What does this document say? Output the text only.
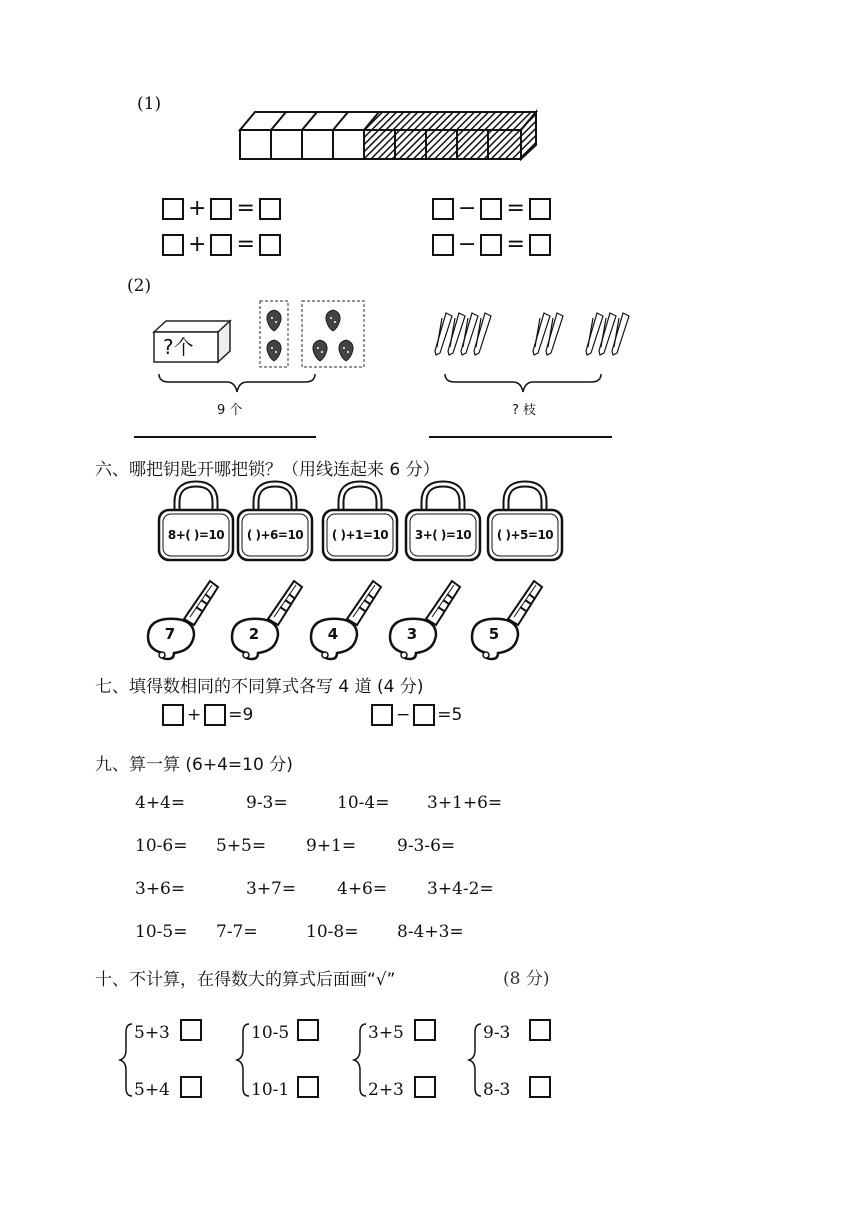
(1)
+ =
+ =
− =
− =
(2)
?个
9 个	? 枝
六、哪把钥匙开哪把锁？（用线连起来 6 分）
8+( )=10	( )+6=10	( )+1=10	3+( )=10	( )+5=10
7	2	4	3	5
七、填得数相同的不同算式各写 4 道 (4 分)
+ =9	− =5
九、算一算 (6+4=10 分)
4+4=	9-3=	10-4= 3+1+6=
10-6= 5+5= 9+1= 9-3-6=
3+6=	3+7= 4+6= 3+4-2=
10-5= 7-7=	10-8= 8-4+3=
十、不计算，在得数大的算式后面画“√”	(8 分)
5+3
5+4
10-5
10-1
3+5
2+3
9-3
8-3
